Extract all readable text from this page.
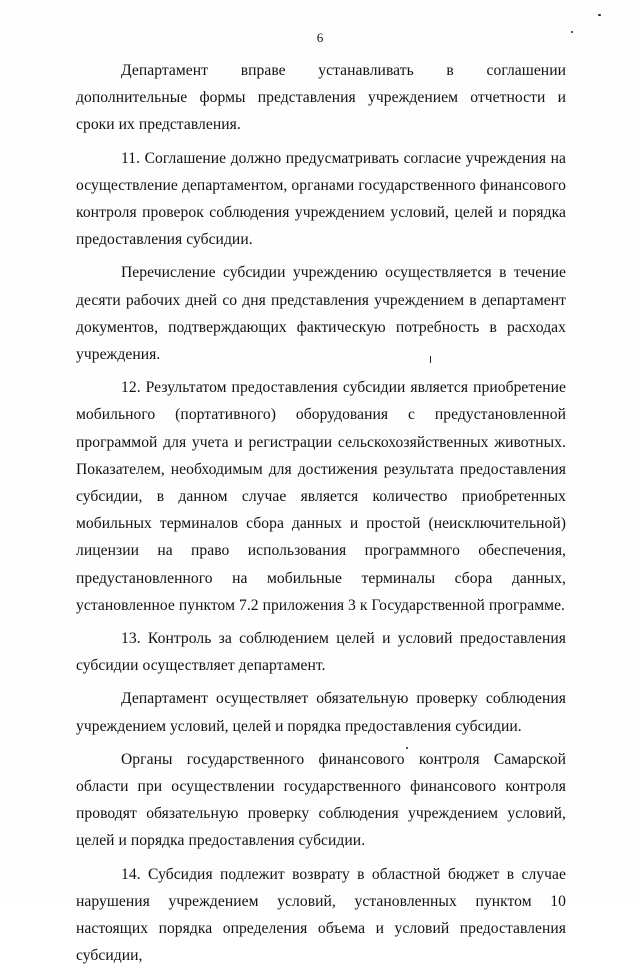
6

Департамент вправе устанавливать в соглашении дополнительные формы представления учреждением отчетности и сроки их представления.

11. Соглашение должно предусматривать согласие учреждения на осуществление департаментом, органами государственного финансового контроля проверок соблюдения учреждением условий, целей и порядка предоставления субсидии.

Перечисление субсидии учреждению осуществляется в течение десяти рабочих дней со дня представления учреждением в департамент документов, подтверждающих фактическую потребность в расходах учреждения.

12. Результатом предоставления субсидии является приобретение мобильного (портативного) оборудования с предустановленной программой для учета и регистрации сельскохозяйственных животных. Показателем, необходимым для достижения результата предоставления субсидии, в данном случае является количество приобретенных мобильных терминалов сбора данных и простой (неисключительной) лицензии на право использования программного обеспечения, предустановленного на мобильные терминалы сбора данных, установленное пунктом 7.2 приложения 3 к Государственной программе.

13. Контроль за соблюдением целей и условий предоставления субсидии осуществляет департамент.

Департамент осуществляет обязательную проверку соблюдения учреждением условий, целей и порядка предоставления субсидии.

Органы государственного финансового контроля Самарской области при осуществлении государственного финансового контроля проводят обязательную проверку соблюдения учреждением условий, целей и порядка предоставления субсидии.

14. Субсидия подлежит возврату в областной бюджет в случае нарушения учреждением условий, установленных пунктом 10 настоящих порядка определения объема и условий предоставления субсидии,
